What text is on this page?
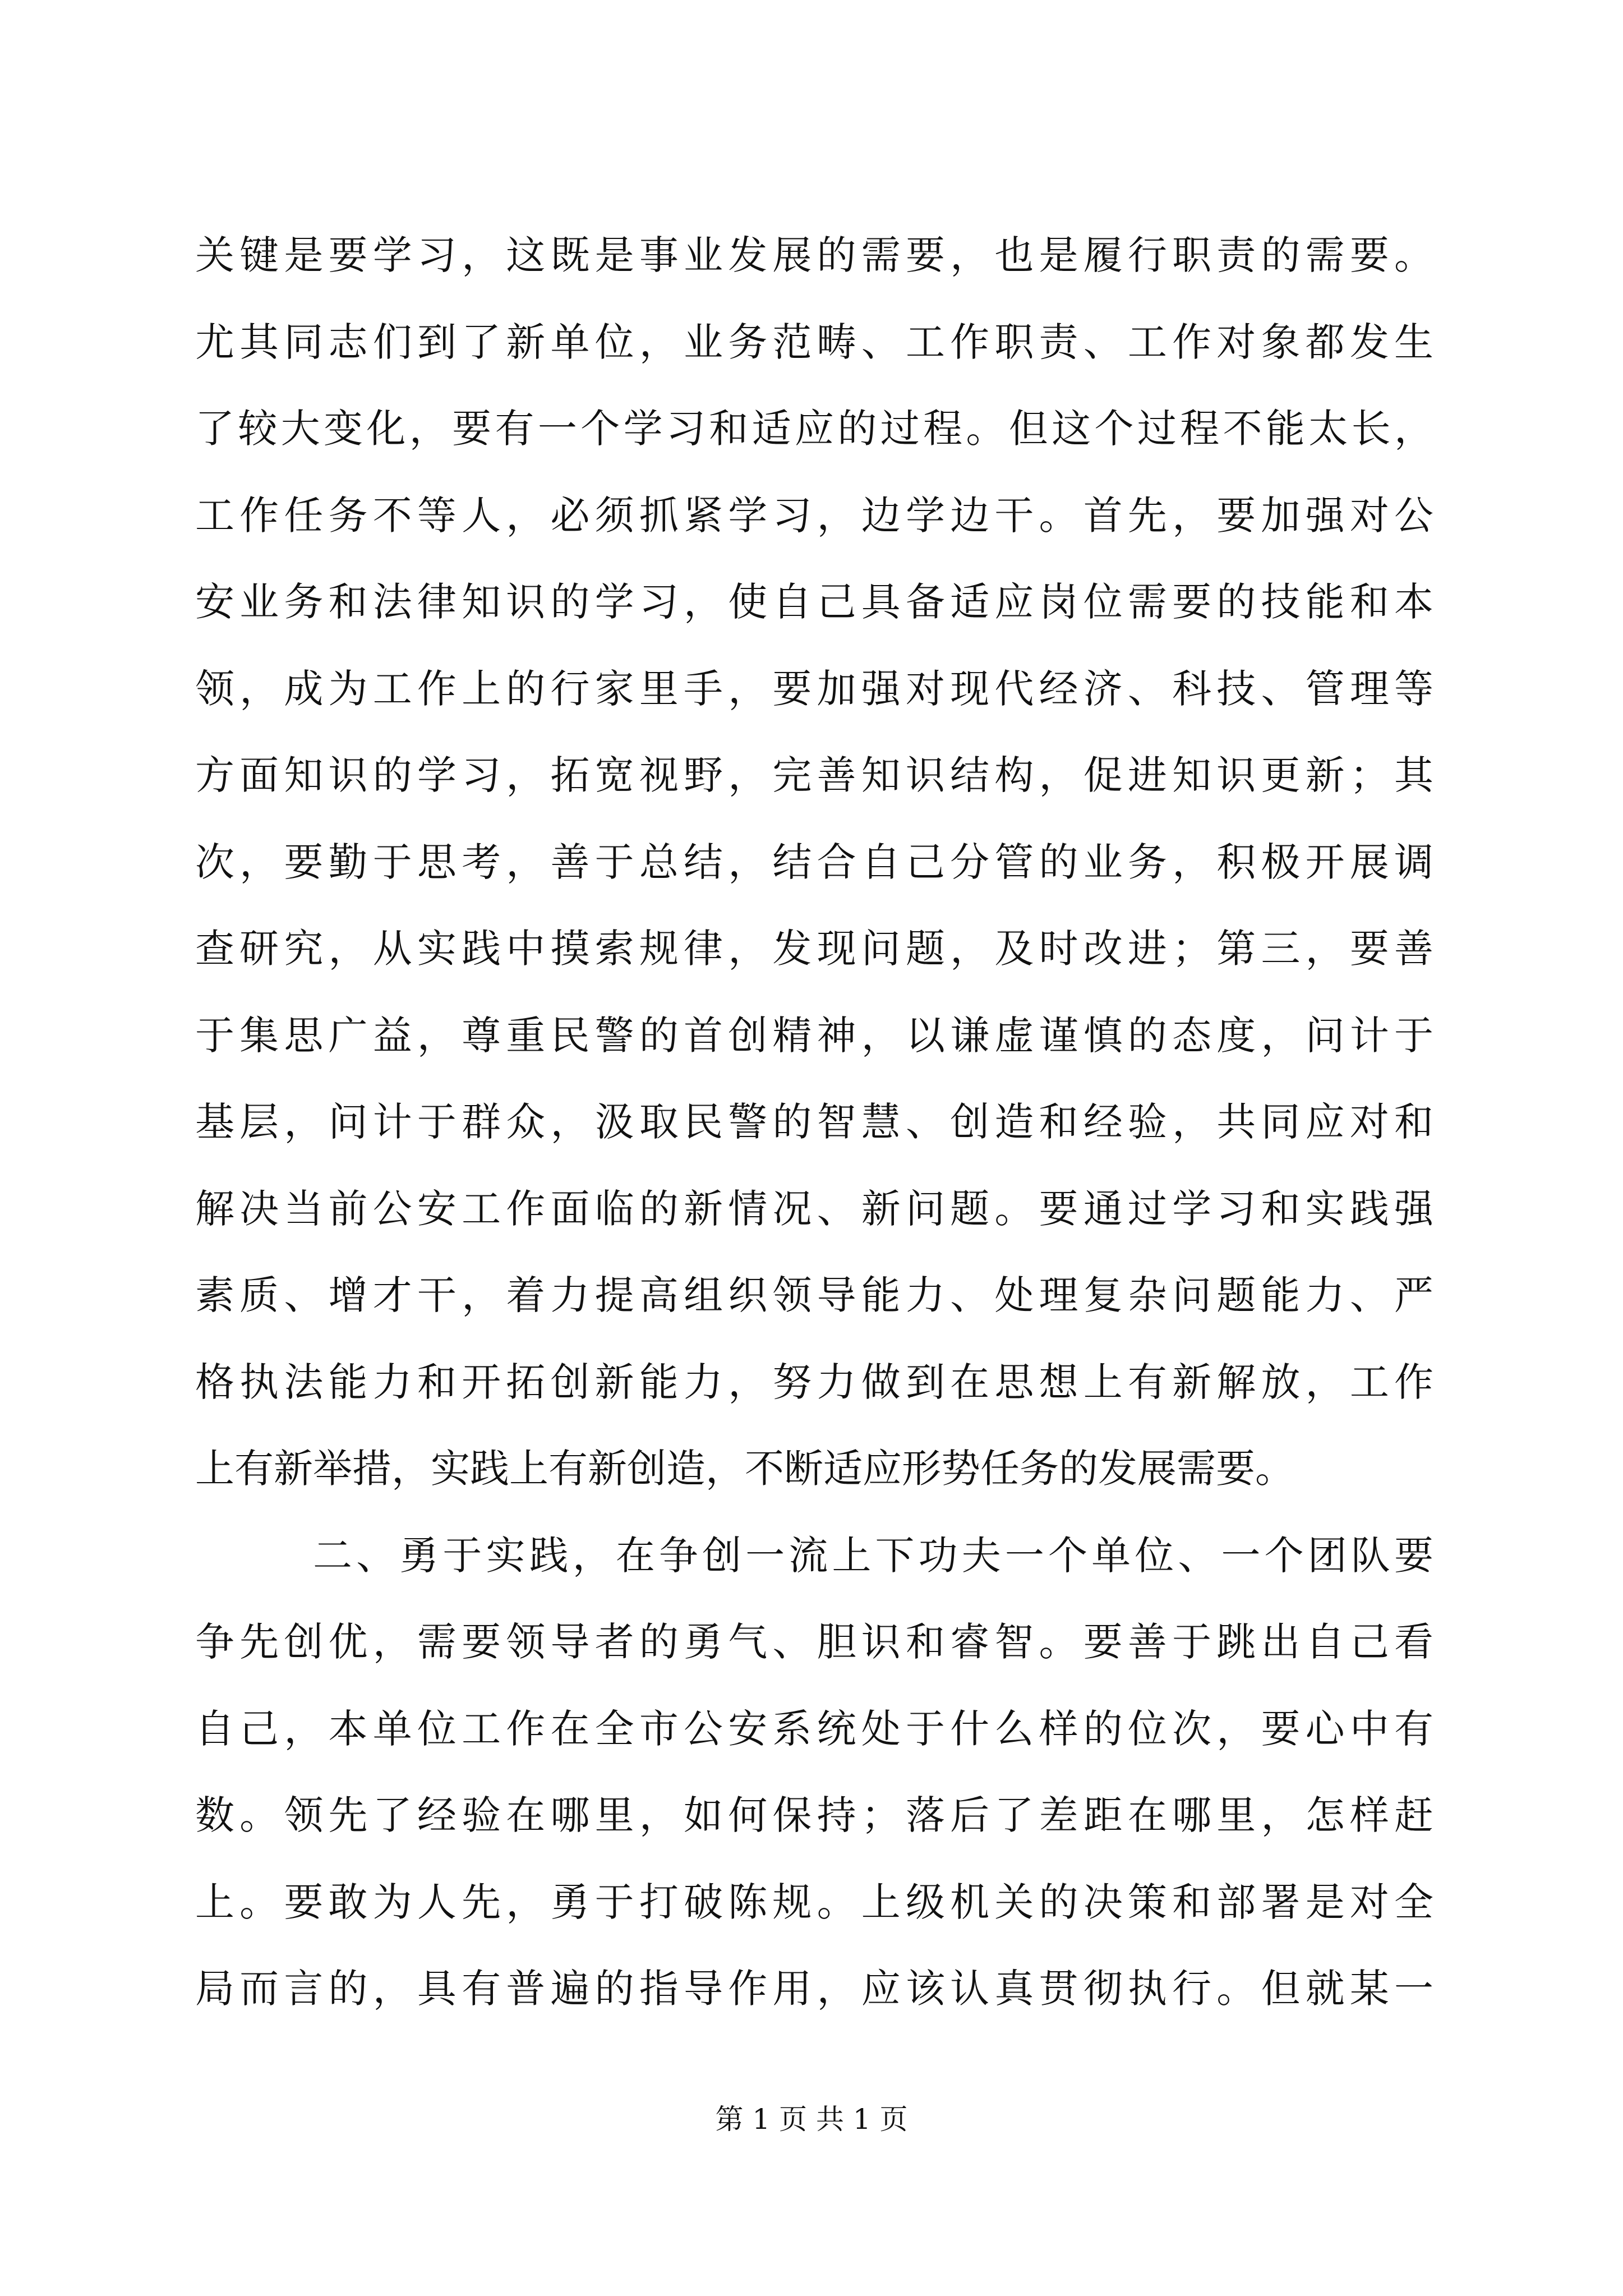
关键是要学习，这既是事业发展的需要，也是履行职责的需要。
尤其同志们到了新单位，业务范畴、工作职责、工作对象都发生
了较大变化，要有一个学习和适应的过程。但这个过程不能太长，
工作任务不等人，必须抓紧学习，边学边干。首先，要加强对公
安业务和法律知识的学习，使自己具备适应岗位需要的技能和本
领，成为工作上的行家里手，要加强对现代经济、科技、管理等
方面知识的学习，拓宽视野，完善知识结构，促进知识更新；其
次，要勤于思考，善于总结，结合自己分管的业务，积极开展调
查研究，从实践中摸索规律，发现问题，及时改进；第三，要善
于集思广益，尊重民警的首创精神，以谦虚谨慎的态度，问计于
基层，问计于群众，汲取民警的智慧、创造和经验，共同应对和
解决当前公安工作面临的新情况、新问题。要通过学习和实践强
素质、增才干，着力提高组织领导能力、处理复杂问题能力、严
格执法能力和开拓创新能力，努力做到在思想上有新解放，工作
上有新举措，实践上有新创造，不断适应形势任务的发展需要。
二、勇于实践，在争创一流上下功夫一个单位、一个团队要
争先创优，需要领导者的勇气、胆识和睿智。要善于跳出自己看
自己，本单位工作在全市公安系统处于什么样的位次，要心中有
数。领先了经验在哪里，如何保持；落后了差距在哪里，怎样赶
上。要敢为人先，勇于打破陈规。上级机关的决策和部署是对全
局而言的，具有普遍的指导作用，应该认真贯彻执行。但就某一
第 1 页 共 1 页
